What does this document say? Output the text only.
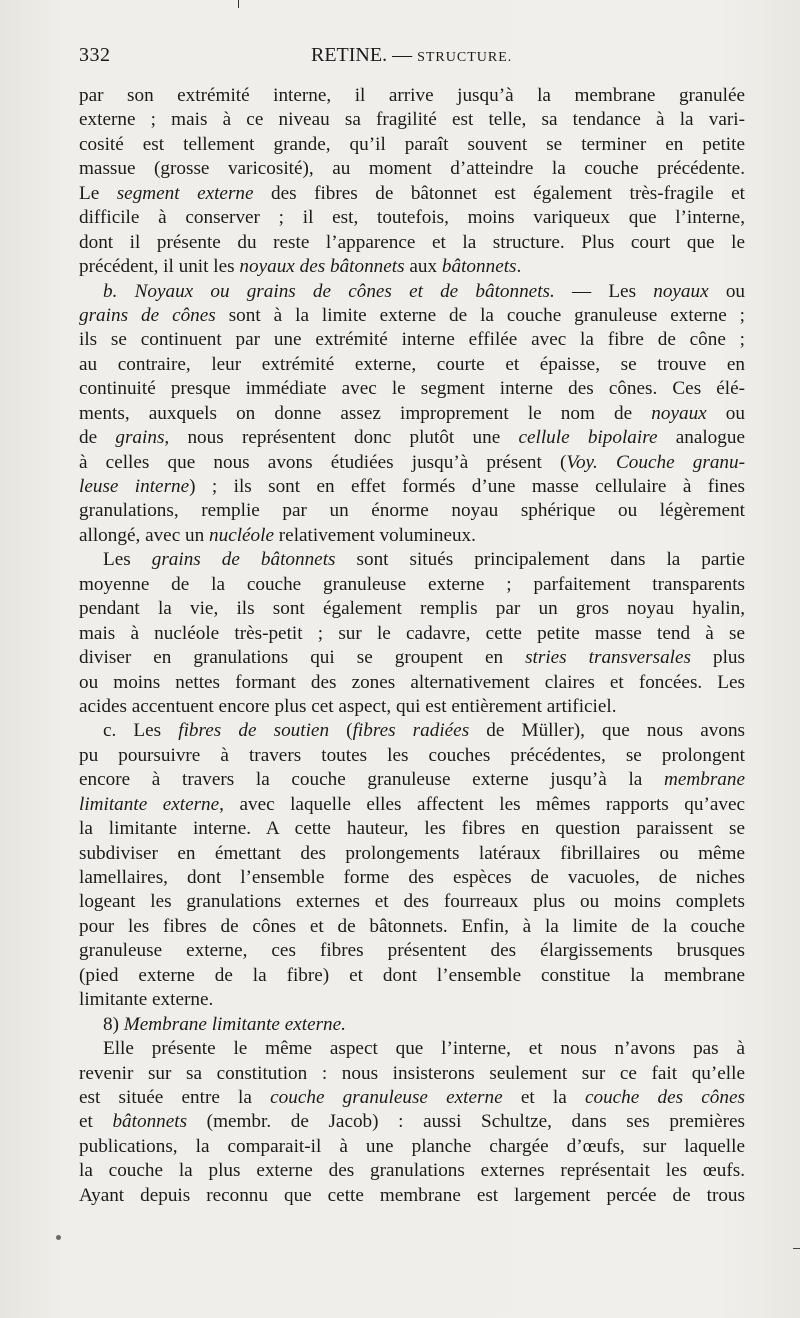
332	RETINE. — STRUCTURE.
par son extrémité interne, il arrive jusqu’à la membrane granulée
externe ; mais à ce niveau sa fragilité est telle, sa tendance à la vari-
cosité est tellement grande, qu’il paraît souvent se terminer en petite
massue (grosse varicosité), au moment d’atteindre la couche précédente.
Le segment externe des fibres de bâtonnet est également très-fragile et
difficile à conserver ; il est, toutefois, moins variqueux que l’interne,
dont il présente du reste l’apparence et la structure. Plus court que le
précédent, il unit les noyaux des bâtonnets aux bâtonnets.
b. Noyaux ou grains de cônes et de bâtonnets. — Les noyaux ou
grains de cônes sont à la limite externe de la couche granuleuse externe ;
ils se continuent par une extrémité interne effilée avec la fibre de cône ;
au contraire, leur extrémité externe, courte et épaisse, se trouve en
continuité presque immédiate avec le segment interne des cônes. Ces élé-
ments, auxquels on donne assez improprement le nom de noyaux ou
de grains, nous représentent donc plutôt une cellule bipolaire analogue
à celles que nous avons étudiées jusqu’à présent (Voy. Couche granu-
leuse interne) ; ils sont en effet formés d’une masse cellulaire à fines
granulations, remplie par un énorme noyau sphérique ou légèrement
allongé, avec un nucléole relativement volumineux.
Les grains de bâtonnets sont situés principalement dans la partie
moyenne de la couche granuleuse externe ; parfaitement transparents
pendant la vie, ils sont également remplis par un gros noyau hyalin,
mais à nucléole très-petit ; sur le cadavre, cette petite masse tend à se
diviser en granulations qui se groupent en stries transversales plus
ou moins nettes formant des zones alternativement claires et foncées. Les
acides accentuent encore plus cet aspect, qui est entièrement artificiel.
c. Les fibres de soutien (fibres radiées de Müller), que nous avons
pu poursuivre à travers toutes les couches précédentes, se prolongent
encore à travers la couche granuleuse externe jusqu’à la membrane
limitante externe, avec laquelle elles affectent les mêmes rapports qu’avec
la limitante interne. A cette hauteur, les fibres en question paraissent se
subdiviser en émettant des prolongements latéraux fibrillaires ou même
lamellaires, dont l’ensemble forme des espèces de vacuoles, de niches
logeant les granulations externes et des fourreaux plus ou moins complets
pour les fibres de cônes et de bâtonnets. Enfin, à la limite de la couche
granuleuse externe, ces fibres présentent des élargissements brusques
(pied externe de la fibre) et dont l’ensemble constitue la membrane
limitante externe.
8) Membrane limitante externe.
Elle présente le même aspect que l’interne, et nous n’avons pas à
revenir sur sa constitution : nous insisterons seulement sur ce fait qu’elle
est située entre la couche granuleuse externe et la couche des cônes
et bâtonnets (membr. de Jacob) : aussi Schultze, dans ses premières
publications, la comparait-il à une planche chargée d’œufs, sur laquelle
la couche la plus externe des granulations externes représentait les œufs.
Ayant depuis reconnu que cette membrane est largement percée de trous
